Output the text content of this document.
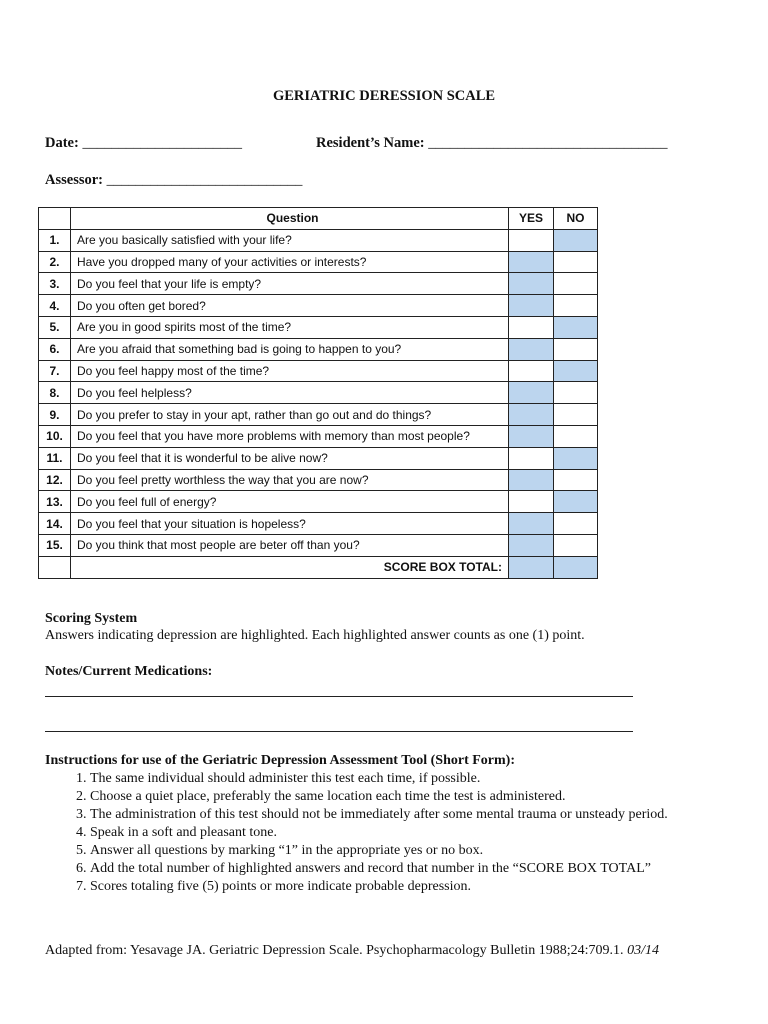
GERIATRIC DERESSION SCALE
Date: ______________________	Resident’s Name: _________________________________
Assessor: ___________________________
	Question	YES	NO
1.	Are you basically satisfied with your life?		
2.	Have you dropped many of your activities or interests?		
3.	Do you feel that your life is empty?		
4.	Do you often get bored?		
5.	Are you in good spirits most of the time?		
6.	Are you afraid that something bad is going to happen to you?		
7.	Do you feel happy most of the time?		
8.	Do you feel helpless?		
9.	Do you prefer to stay in your apt, rather than go out and do things?		
10.	Do you feel that you have more problems with memory than most people?		
11.	Do you feel that it is wonderful to be alive now?		
12.	Do you feel pretty worthless the way that you are now?		
13.	Do you feel full of energy?		
14.	Do you feel that your situation is hopeless?		
15.	Do you think that most people are beter off than you?		
	SCORE BOX TOTAL:		
Scoring System
Answers indicating depression are highlighted. Each highlighted answer counts as one (1) point.
Notes/Current Medications:
Instructions for use of the Geriatric Depression Assessment Tool (Short Form):
1. The same individual should administer this test each time, if possible.
2. Choose a quiet place, preferably the same location each time the test is administered.
3. The administration of this test should not be immediately after some mental trauma or unsteady period.
4. Speak in a soft and pleasant tone.
5. Answer all questions by marking “1” in the appropriate yes or no box.
6. Add the total number of highlighted answers and record that number in the “SCORE BOX TOTAL”
7. Scores totaling five (5) points or more indicate probable depression.
Adapted from: Yesavage JA. Geriatric Depression Scale. Psychopharmacology Bulletin 1988;24:709.1. 03/14
